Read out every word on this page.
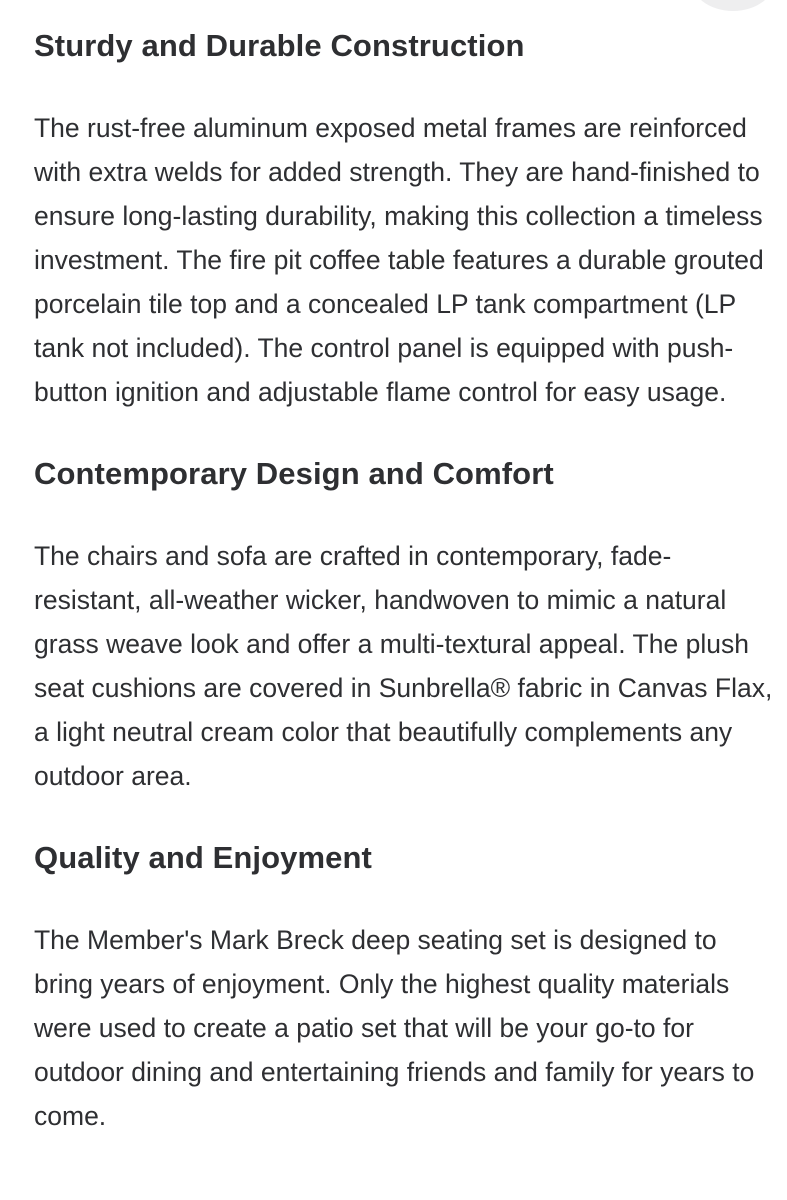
Sturdy and Durable Construction

The rust-free aluminum exposed metal frames are reinforced with extra welds for added strength. They are hand-finished to ensure long-lasting durability, making this collection a timeless investment. The fire pit coffee table features a durable grouted porcelain tile top and a concealed LP tank compartment (LP tank not included). The control panel is equipped with push-button ignition and adjustable flame control for easy usage.

Contemporary Design and Comfort

The chairs and sofa are crafted in contemporary, fade-resistant, all-weather wicker, handwoven to mimic a natural grass weave look and offer a multi-textural appeal. The plush seat cushions are covered in Sunbrella® fabric in Canvas Flax, a light neutral cream color that beautifully complements any outdoor area.

Quality and Enjoyment

The Member's Mark Breck deep seating set is designed to bring years of enjoyment. Only the highest quality materials were used to create a patio set that will be your go-to for outdoor dining and entertaining friends and family for years to come.
